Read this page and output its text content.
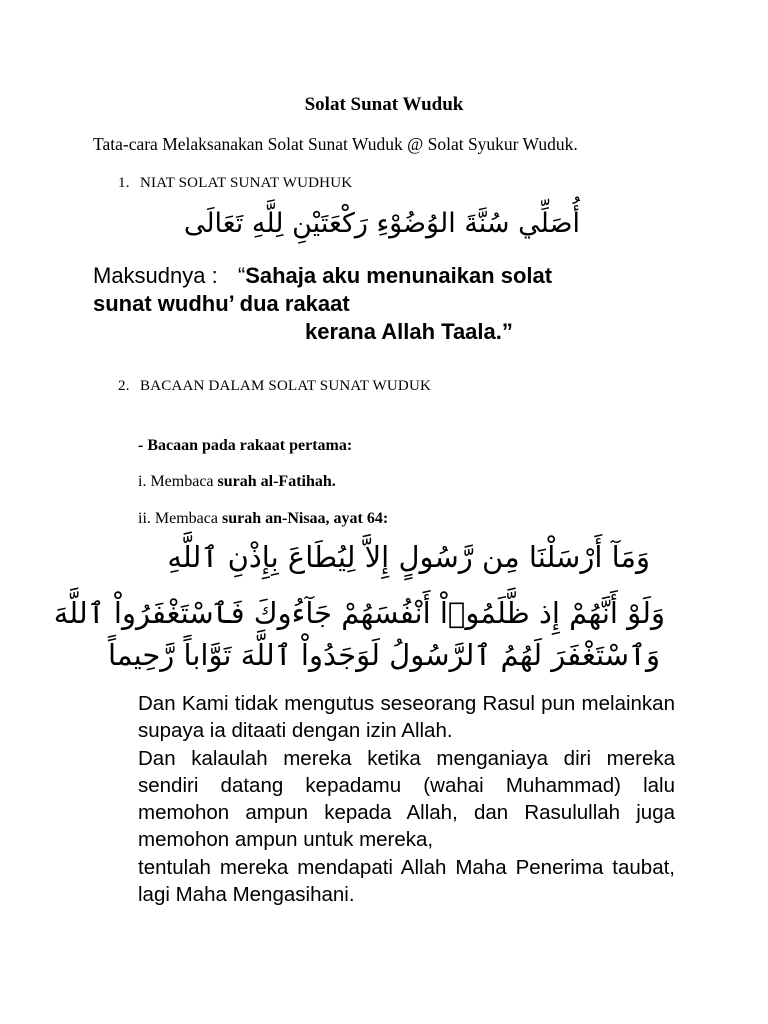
Solat Sunat Wuduk

Tata-cara Melaksanakan Solat Sunat Wuduk @ Solat Syukur Wuduk.

1. NIAT SOLAT SUNAT WUDHUK
أُصَلِّي سُنَّةَ الوُضُوْءِ رَكْعَتَيْنِ لِلَّهِ تَعَالَى
Maksudnya : “Sahaja aku menunaikan solat
sunat wudhu’ dua rakaat
kerana Allah Taala.”
2. BACAAN DALAM SOLAT SUNAT WUDUK
- Bacaan pada rakaat pertama:
i. Membaca surah al-Fatihah.
ii. Membaca surah an-Nisaa, ayat 64:
وَمَآ أَرْسَلْنَا مِن رَّسُولٍ إِلاَّ لِيُطَاعَ بِإِذْنِ ٱللَّهِ
وَلَوْ أَنَّهُمْ إِذ ظَّلَمُوۤاْ أَنْفُسَهُمْ جَآءُوكَ فَٱسْتَغْفَرُواْ ٱللَّهَ
وَٱسْتَغْفَرَ لَهُمُ ٱلرَّسُولُ لَوَجَدُواْ ٱللَّهَ تَوَّاباً رَّحِيماً

Dan Kami tidak mengutus seseorang Rasul pun melainkan supaya ia ditaati dengan izin Allah.

Dan kalaulah mereka ketika menganiaya diri mereka sendiri datang kepadamu (wahai Muhammad) lalu memohon ampun kepada Allah, dan Rasulullah juga memohon ampun untuk mereka,

tentulah mereka mendapati Allah Maha Penerima taubat, lagi Maha Mengasihani.
